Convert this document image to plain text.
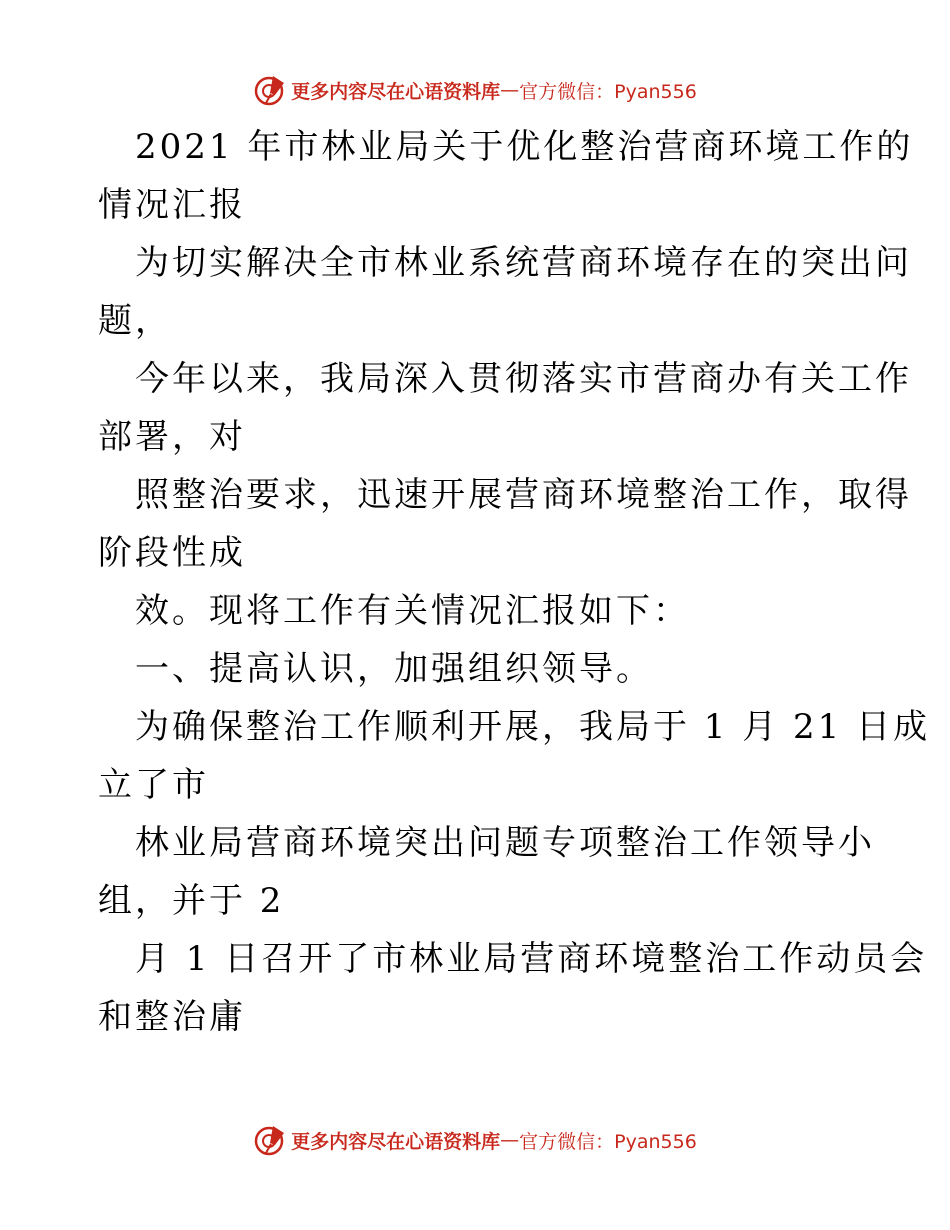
更多内容尽在心语资料库 — 官方微信：Pyan556
2021 年市林业局关于优化整治营商环境工作的
情况汇报
为切实解决全市林业系统营商环境存在的突出问
题，
今年以来，我局深入贯彻落实市营商办有关工作
部署，对
照整治要求，迅速开展营商环境整治工作，取得
阶段性成
效。现将工作有关情况汇报如下：
一、提高认识，加强组织领导。
为确保整治工作顺利开展，我局于 1 月 21 日成
立了市
林业局营商环境突出问题专项整治工作领导小
组，并于 2
月 1 日召开了市林业局营商环境整治工作动员会
和整治庸
更多内容尽在心语资料库 — 官方微信：Pyan556
